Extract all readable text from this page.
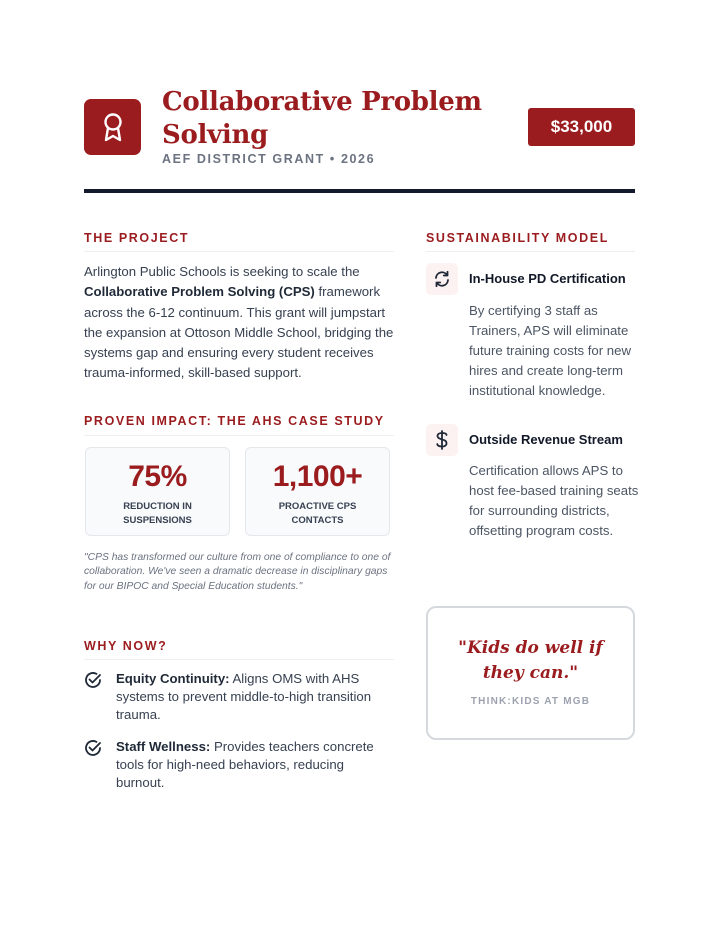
Collaborative Problem Solving
AEF DISTRICT GRANT • 2026
$33,000
THE PROJECT

Arlington Public Schools is seeking to scale the Collaborative Problem Solving (CPS) framework across the 6-12 continuum. This grant will jumpstart the expansion at Ottoson Middle School, bridging the systems gap and ensuring every student receives trauma-informed, skill-based support.

PROVEN IMPACT: THE AHS CASE STUDY
75%
REDUCTION IN SUSPENSIONS
1,100+
PROACTIVE CPS CONTACTS

"CPS has transformed our culture from one of compliance to one of collaboration. We've seen a dramatic decrease in disciplinary gaps for our BIPOC and Special Education students."

WHY NOW?
Equity Continuity: Aligns OMS with AHS systems to prevent middle-to-high transition trauma.
Staff Wellness: Provides teachers concrete tools for high-need behaviors, reducing burnout.
SUSTAINABILITY MODEL
In-House PD Certification

By certifying 3 staff as Trainers, APS will eliminate future training costs for new hires and create long-term institutional knowledge.

Outside Revenue Stream

Certification allows APS to host fee-based training seats for surrounding districts, offsetting program costs.

"Kids do well if they can."
THINK:KIDS AT MGB
